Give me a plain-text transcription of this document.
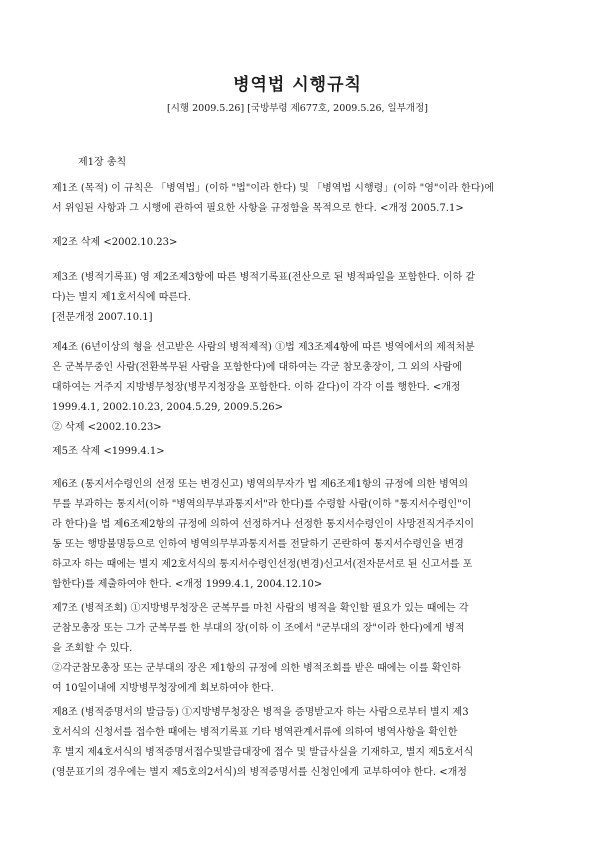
병역법 시행규칙
[시행 2009.5.26] [국방부령 제677호, 2009.5.26, 일부개정]
제1장 총칙
제1조 (목적) 이 규칙은 「병역법」(이하 "법"이라 한다) 및 「병역법 시행령」(이하 "영"이라 한다)에
서 위임된 사항과 그 시행에 관하여 필요한 사항을 규정함을 목적으로 한다. <개정 2005.7.1>
제2조 삭제 <2002.10.23>
제3조 (병적기록표) 영 제2조제3항에 따른 병적기록표(전산으로 된 병적파일을 포함한다. 이하 같
다)는 별지 제1호서식에 따른다.
[전문개정 2007.10.1]
제4조 (6년이상의 형을 선고받은 사람의 병적제적) ①법 제3조제4항에 따른 병역에서의 제적처분
은 군복무중인 사람(전환복무된 사람을 포함한다)에 대하여는 각군 참모총장이, 그 외의 사람에
대하여는 거주지 지방병무청장(병무지청장을 포함한다. 이하 같다)이 각각 이를 행한다. <개정
1999.4.1, 2002.10.23, 2004.5.29, 2009.5.26>
② 삭제 <2002.10.23>
제5조 삭제 <1999.4.1>
제6조 (통지서수령인의 선정 또는 변경신고) 병역의무자가 법 제6조제1항의 규정에 의한 병역의
무를 부과하는 통지서(이하 "병역의무부과통지서"라 한다)를 수령할 사람(이하 "통지서수령인"이
라 한다)을 법 제6조제2항의 규정에 의하여 선정하거나 선정한 통지서수령인이 사망전직거주지이
동 또는 행방불명등으로 인하여 병역의무부과통지서를 전달하기 곤란하여 통지서수령인을 변경
하고자 하는 때에는 별지 제2호서식의 통지서수령인선정(변경)신고서(전자문서로 된 신고서를 포
함한다)를 제출하여야 한다. <개정 1999.4.1, 2004.12.10>
제7조 (병적조회) ①지방병무청장은 군복무를 마친 사람의 병적을 확인할 필요가 있는 때에는 각
군참모총장 또는 그가 군복무를 한 부대의 장(이하 이 조에서 "군부대의 장"이라 한다)에게 병적
을 조회할 수 있다.
②각군참모총장 또는 군부대의 장은 제1항의 규정에 의한 병적조회를 받은 때에는 이를 확인하
여 10일이내에 지방병무청장에게 회보하여야 한다.
제8조 (병적증명서의 발급등) ①지방병무청장은 병적을 증명받고자 하는 사람으로부터 별지 제3
호서식의 신청서를 접수한 때에는 병적기록표 기타 병역관계서류에 의하여 병역사항을 확인한
후 별지 제4호서식의 병적증명서접수및발급대장에 접수 및 발급사실을 기재하고, 별지 제5호서식
(영문표기의 경우에는 별지 제5호의2서식)의 병적증명서를 신청인에게 교부하여야 한다. <개정
